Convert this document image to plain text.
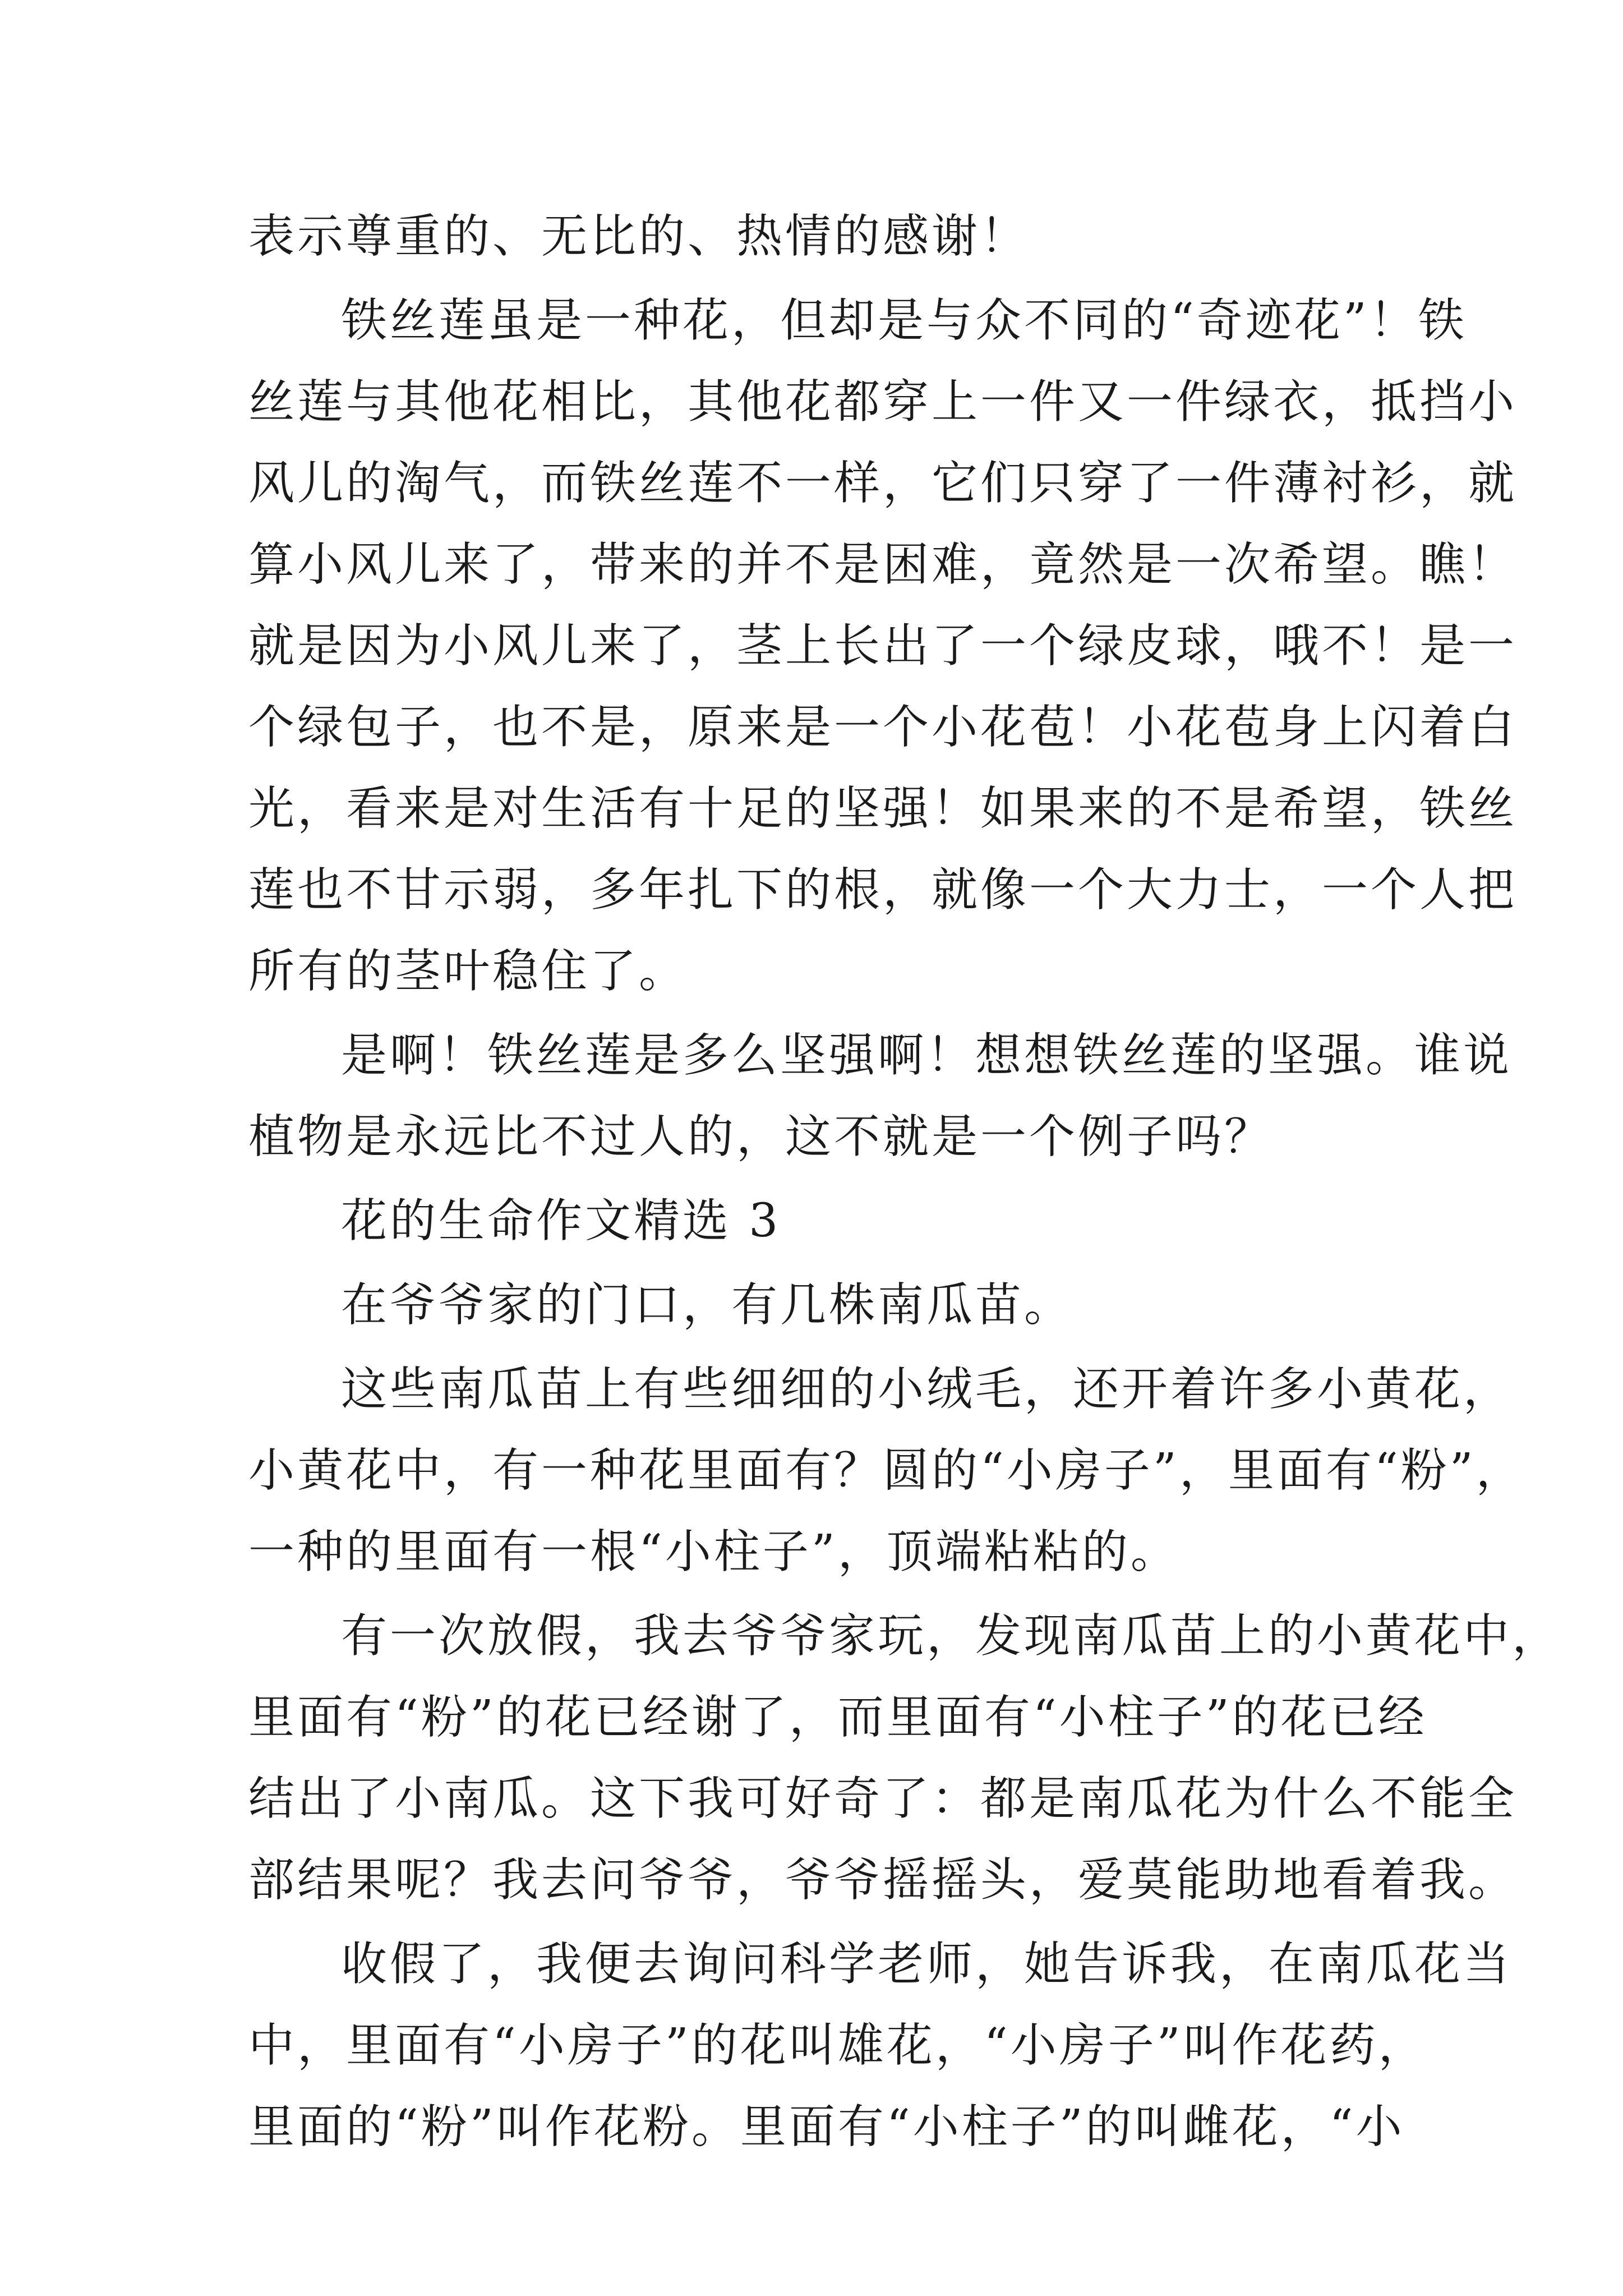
表示尊重的、无比的、热情的感谢！
铁丝莲虽是一种花，但却是与众不同的“奇迹花”！铁
丝莲与其他花相比，其他花都穿上一件又一件绿衣，抵挡小
风儿的淘气，而铁丝莲不一样，它们只穿了一件薄衬衫，就
算小风儿来了，带来的并不是困难，竟然是一次希望。瞧！
就是因为小风儿来了，茎上长出了一个绿皮球，哦不！是一
个绿包子，也不是，原来是一个小花苞！小花苞身上闪着白
光，看来是对生活有十足的坚强！如果来的不是希望，铁丝
莲也不甘示弱，多年扎下的根，就像一个大力士，一个人把
所有的茎叶稳住了。
是啊！铁丝莲是多么坚强啊！想想铁丝莲的坚强。谁说
植物是永远比不过人的，这不就是一个例子吗？
花的生命作文精选 3
在爷爷家的门口，有几株南瓜苗。
这些南瓜苗上有些细细的小绒毛，还开着许多小黄花，
小黄花中，有一种花里面有？圆的“小房子”，里面有“粉”，
一种的里面有一根“小柱子”，顶端粘粘的。
有一次放假，我去爷爷家玩，发现南瓜苗上的小黄花中，
里面有“粉”的花已经谢了，而里面有“小柱子”的花已经
结出了小南瓜。这下我可好奇了：都是南瓜花为什么不能全
部结果呢？我去问爷爷，爷爷摇摇头，爱莫能助地看着我。
收假了，我便去询问科学老师，她告诉我，在南瓜花当
中，里面有“小房子”的花叫雄花，“小房子”叫作花药，
里面的“粉”叫作花粉。里面有“小柱子”的叫雌花，“小
